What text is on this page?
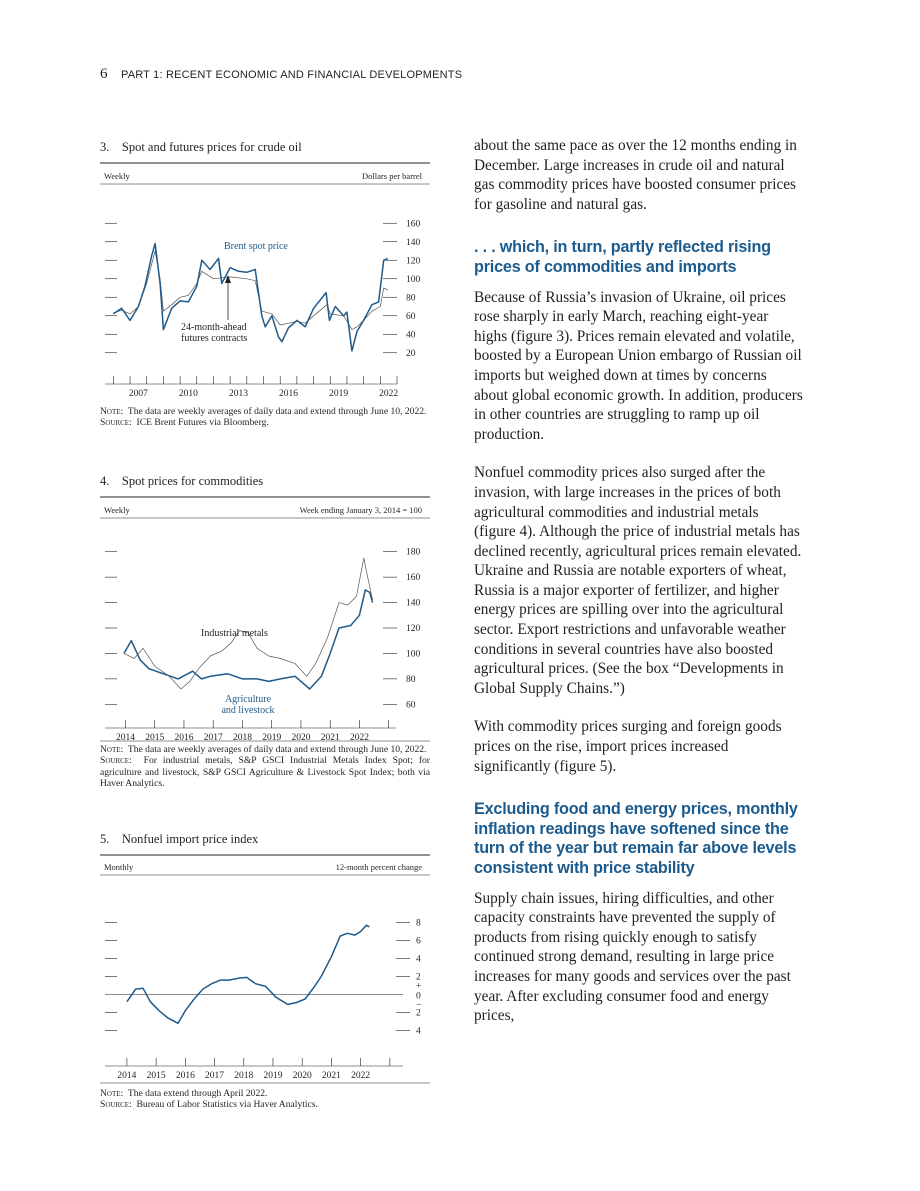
6 PART 1: RECENT ECONOMIC AND FINANCIAL DEVELOPMENTS
3. Spot and futures prices for crude oil
Weekly	Dollars per barrel
20
40
60
80
100
120
140
160
Brent spot price
24-month-ahead
futures contracts
2007	2010	2013	2016	2019	2022
Note: The data are weekly averages of daily data and extend through June 10, 2022.
Source: ICE Brent Futures via Bloomberg.
4. Spot prices for commodities
Weekly	Week ending January 3, 2014 = 100
60
80
100
120
140
160
180
Industrial metals
Agriculture
and livestock
2014 2015 2016 2017 2018 2019 2020 2021 2022
Note: The data are weekly averages of daily data and extend through June 10, 2022.
Source: For industrial metals, S&P GSCI Industrial Metals Index Spot; for agriculture and livestock, S&P GSCI Agriculture & Livestock Spot Index; both via Haver Analytics.
5. Nonfuel import price index
Monthly	12-month percent change
8
6
4
2
2
4
+
0
−
2014 2015 2016 2017 2018 2019 2020 2021 2022
Note: The data extend through April 2022.
Source: Bureau of Labor Statistics via Haver Analytics.

about the same pace as over the 12 months ending in December. Large increases in crude oil and natural gas commodity prices have boosted consumer prices for gasoline and natural gas.

. . . which, in turn, partly reflected rising prices of commodities and imports

Because of Russia’s invasion of Ukraine, oil prices rose sharply in early March, reaching eight-year highs (figure 3). Prices remain elevated and volatile, boosted by a European Union embargo of Russian oil imports but weighed down at times by concerns about global economic growth. In addition, producers in other countries are struggling to ramp up oil production.

Nonfuel commodity prices also surged after the invasion, with large increases in the prices of both agricultural commodities and industrial metals (figure 4). Although the price of industrial metals has declined recently, agricultural prices remain elevated. Ukraine and Russia are notable exporters of wheat, Russia is a major exporter of fertilizer, and higher energy prices are spilling over into the agricultural sector. Export restrictions and unfavorable weather conditions in several countries have also boosted agricultural prices. (See the box “Developments in Global Supply Chains.”)

With commodity prices surging and foreign goods prices on the rise, import prices increased significantly (figure 5).

Excluding food and energy prices, monthly inflation readings have softened since the turn of the year but remain far above levels consistent with price stability

Supply chain issues, hiring difficulties, and other capacity constraints have prevented the supply of products from rising quickly enough to satisfy continued strong demand, resulting in large price increases for many goods and services over the past year. After excluding consumer food and energy prices,
